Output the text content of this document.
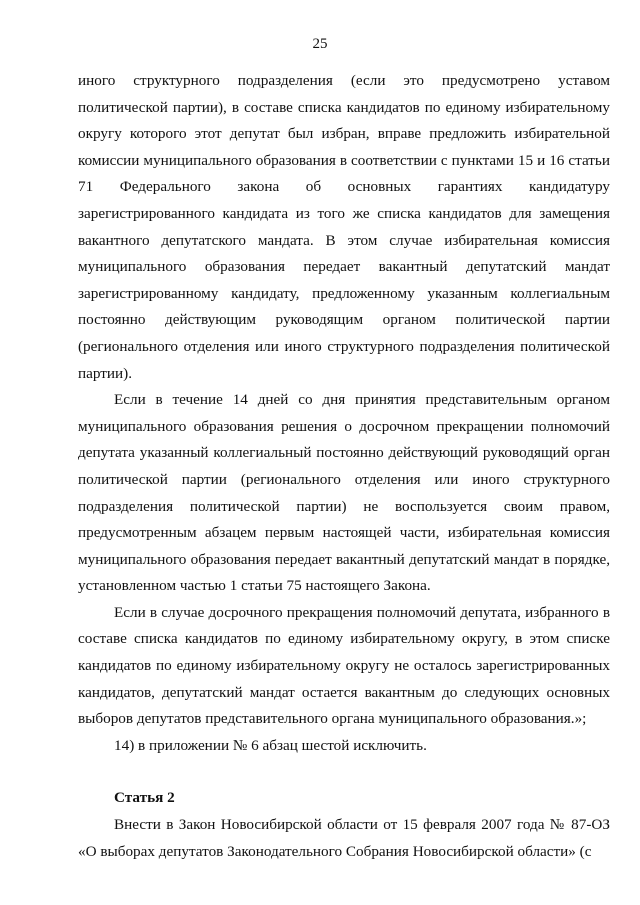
25

иного структурного подразделения (если это предусмотрено уставом политической партии), в составе списка кандидатов по единому избирательному округу которого этот депутат был избран, вправе предложить избирательной комиссии муниципального образования в соответствии с пунктами 15 и 16 статьи 71 Федерального закона об основных гарантиях кандидатуру зарегистрированного кандидата из того же списка кандидатов для замещения вакантного депутатского мандата. В этом случае избирательная комиссия муниципального образования передает вакантный депутатский мандат зарегистрированному кандидату, предложенному указанным коллегиальным постоянно действующим руководящим органом политической партии (регионального отделения или иного структурного подразделения политической партии).

Если в течение 14 дней со дня принятия представительным органом муниципального образования решения о досрочном прекращении полномочий депутата указанный коллегиальный постоянно действующий руководящий орган политической партии (регионального отделения или иного структурного подразделения политической партии) не воспользуется своим правом, предусмотренным абзацем первым настоящей части, избирательная комиссия муниципального образования передает вакантный депутатский мандат в порядке, установленном частью 1 статьи 75 настоящего Закона.

Если в случае досрочного прекращения полномочий депутата, избранного в составе списка кандидатов по единому избирательному округу, в этом списке кандидатов по единому избирательному округу не осталось зарегистрированных кандидатов, депутатский мандат остается вакантным до следующих основных выборов депутатов представительного органа муниципального образования.»;

14) в приложении № 6 абзац шестой исключить.

Статья 2

Внести в Закон Новосибирской области от 15 февраля 2007 года № 87-ОЗ «О выборах депутатов Законодательного Собрания Новосибирской области» (с
